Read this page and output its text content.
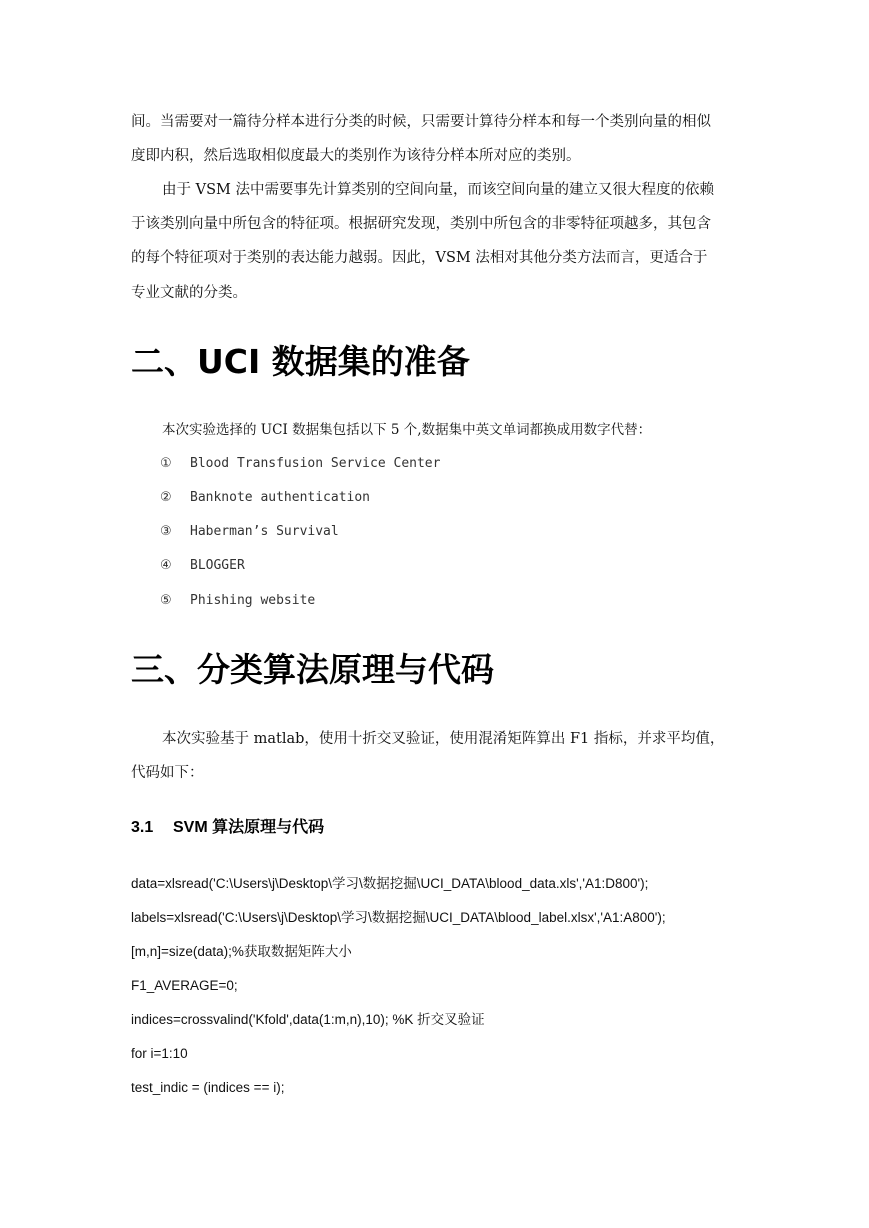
间。当需要对一篇待分样本进行分类的时候，只需要计算待分样本和每一个类别向量的相似
度即内积，然后选取相似度最大的类别作为该待分样本所对应的类别。
由于 VSM 法中需要事先计算类别的空间向量，而该空间向量的建立又很大程度的依赖
于该类别向量中所包含的特征项。根据研究发现，类别中所包含的非零特征项越多，其包含
的每个特征项对于类别的表达能力越弱。因此，VSM 法相对其他分类方法而言，更适合于
专业文献的分类。
二、UCI 数据集的准备
本次实验选择的 UCI 数据集包括以下 5 个,数据集中英文单词都换成用数字代替：
① Blood Transfusion Service Center
② Banknote authentication
③ Haberman’s Survival
④ BLOGGER
⑤ Phishing website
三、分类算法原理与代码
本次实验基于 matlab，使用十折交叉验证，使用混淆矩阵算出 F1 指标，并求平均值，
代码如下：
3.1 SVM 算法原理与代码
data=xlsread('C:\Users\j\Desktop\学习\数据挖掘\UCI_DATA\blood_data.xls','A1:D800');
labels=xlsread('C:\Users\j\Desktop\学习\数据挖掘\UCI_DATA\blood_label.xlsx','A1:A800');
[m,n]=size(data);%获取数据矩阵大小
F1_AVERAGE=0;
indices=crossvalind('Kfold',data(1:m,n),10); %K 折交叉验证
for i=1:10
test_indic = (indices == i);
